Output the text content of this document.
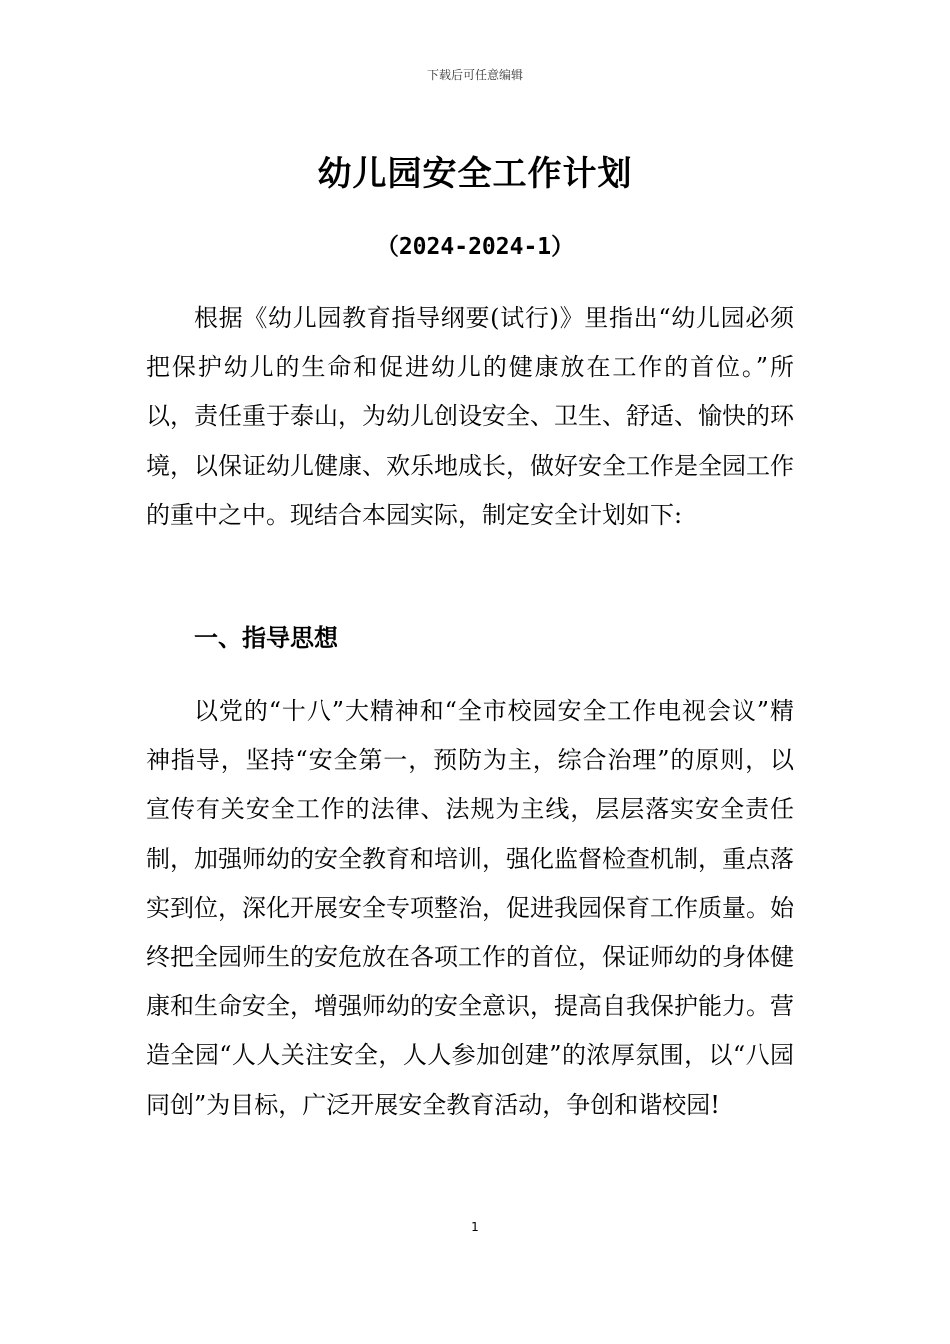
下载后可任意编辑
幼儿园安全工作计划
（2024-2024-1）

根据《幼儿园教育指导纲要(试行)》里指出“幼儿园必须把保护幼儿的生命和促进幼儿的健康放在工作的首位。”所以，责任重于泰山，为幼儿创设安全、卫生、舒适、愉快的环境，以保证幼儿健康、欢乐地成长，做好安全工作是全园工作的重中之中。现结合本园实际，制定安全计划如下:

一、指导思想

以党的“十八”大精神和“全市校园安全工作电视会议”精神指导，坚持“安全第一，预防为主，综合治理”的原则，以宣传有关安全工作的法律、法规为主线，层层落实安全责任制，加强师幼的安全教育和培训，强化监督检查机制，重点落实到位，深化开展安全专项整治，促进我园保育工作质量。始终把全园师生的安危放在各项工作的首位，保证师幼的身体健康和生命安全，增强师幼的安全意识，提高自我保护能力。营造全园“人人关注安全，人人参加创建”的浓厚氛围，以“八园同创”为目标，广泛开展安全教育活动，争创和谐校园!

1
